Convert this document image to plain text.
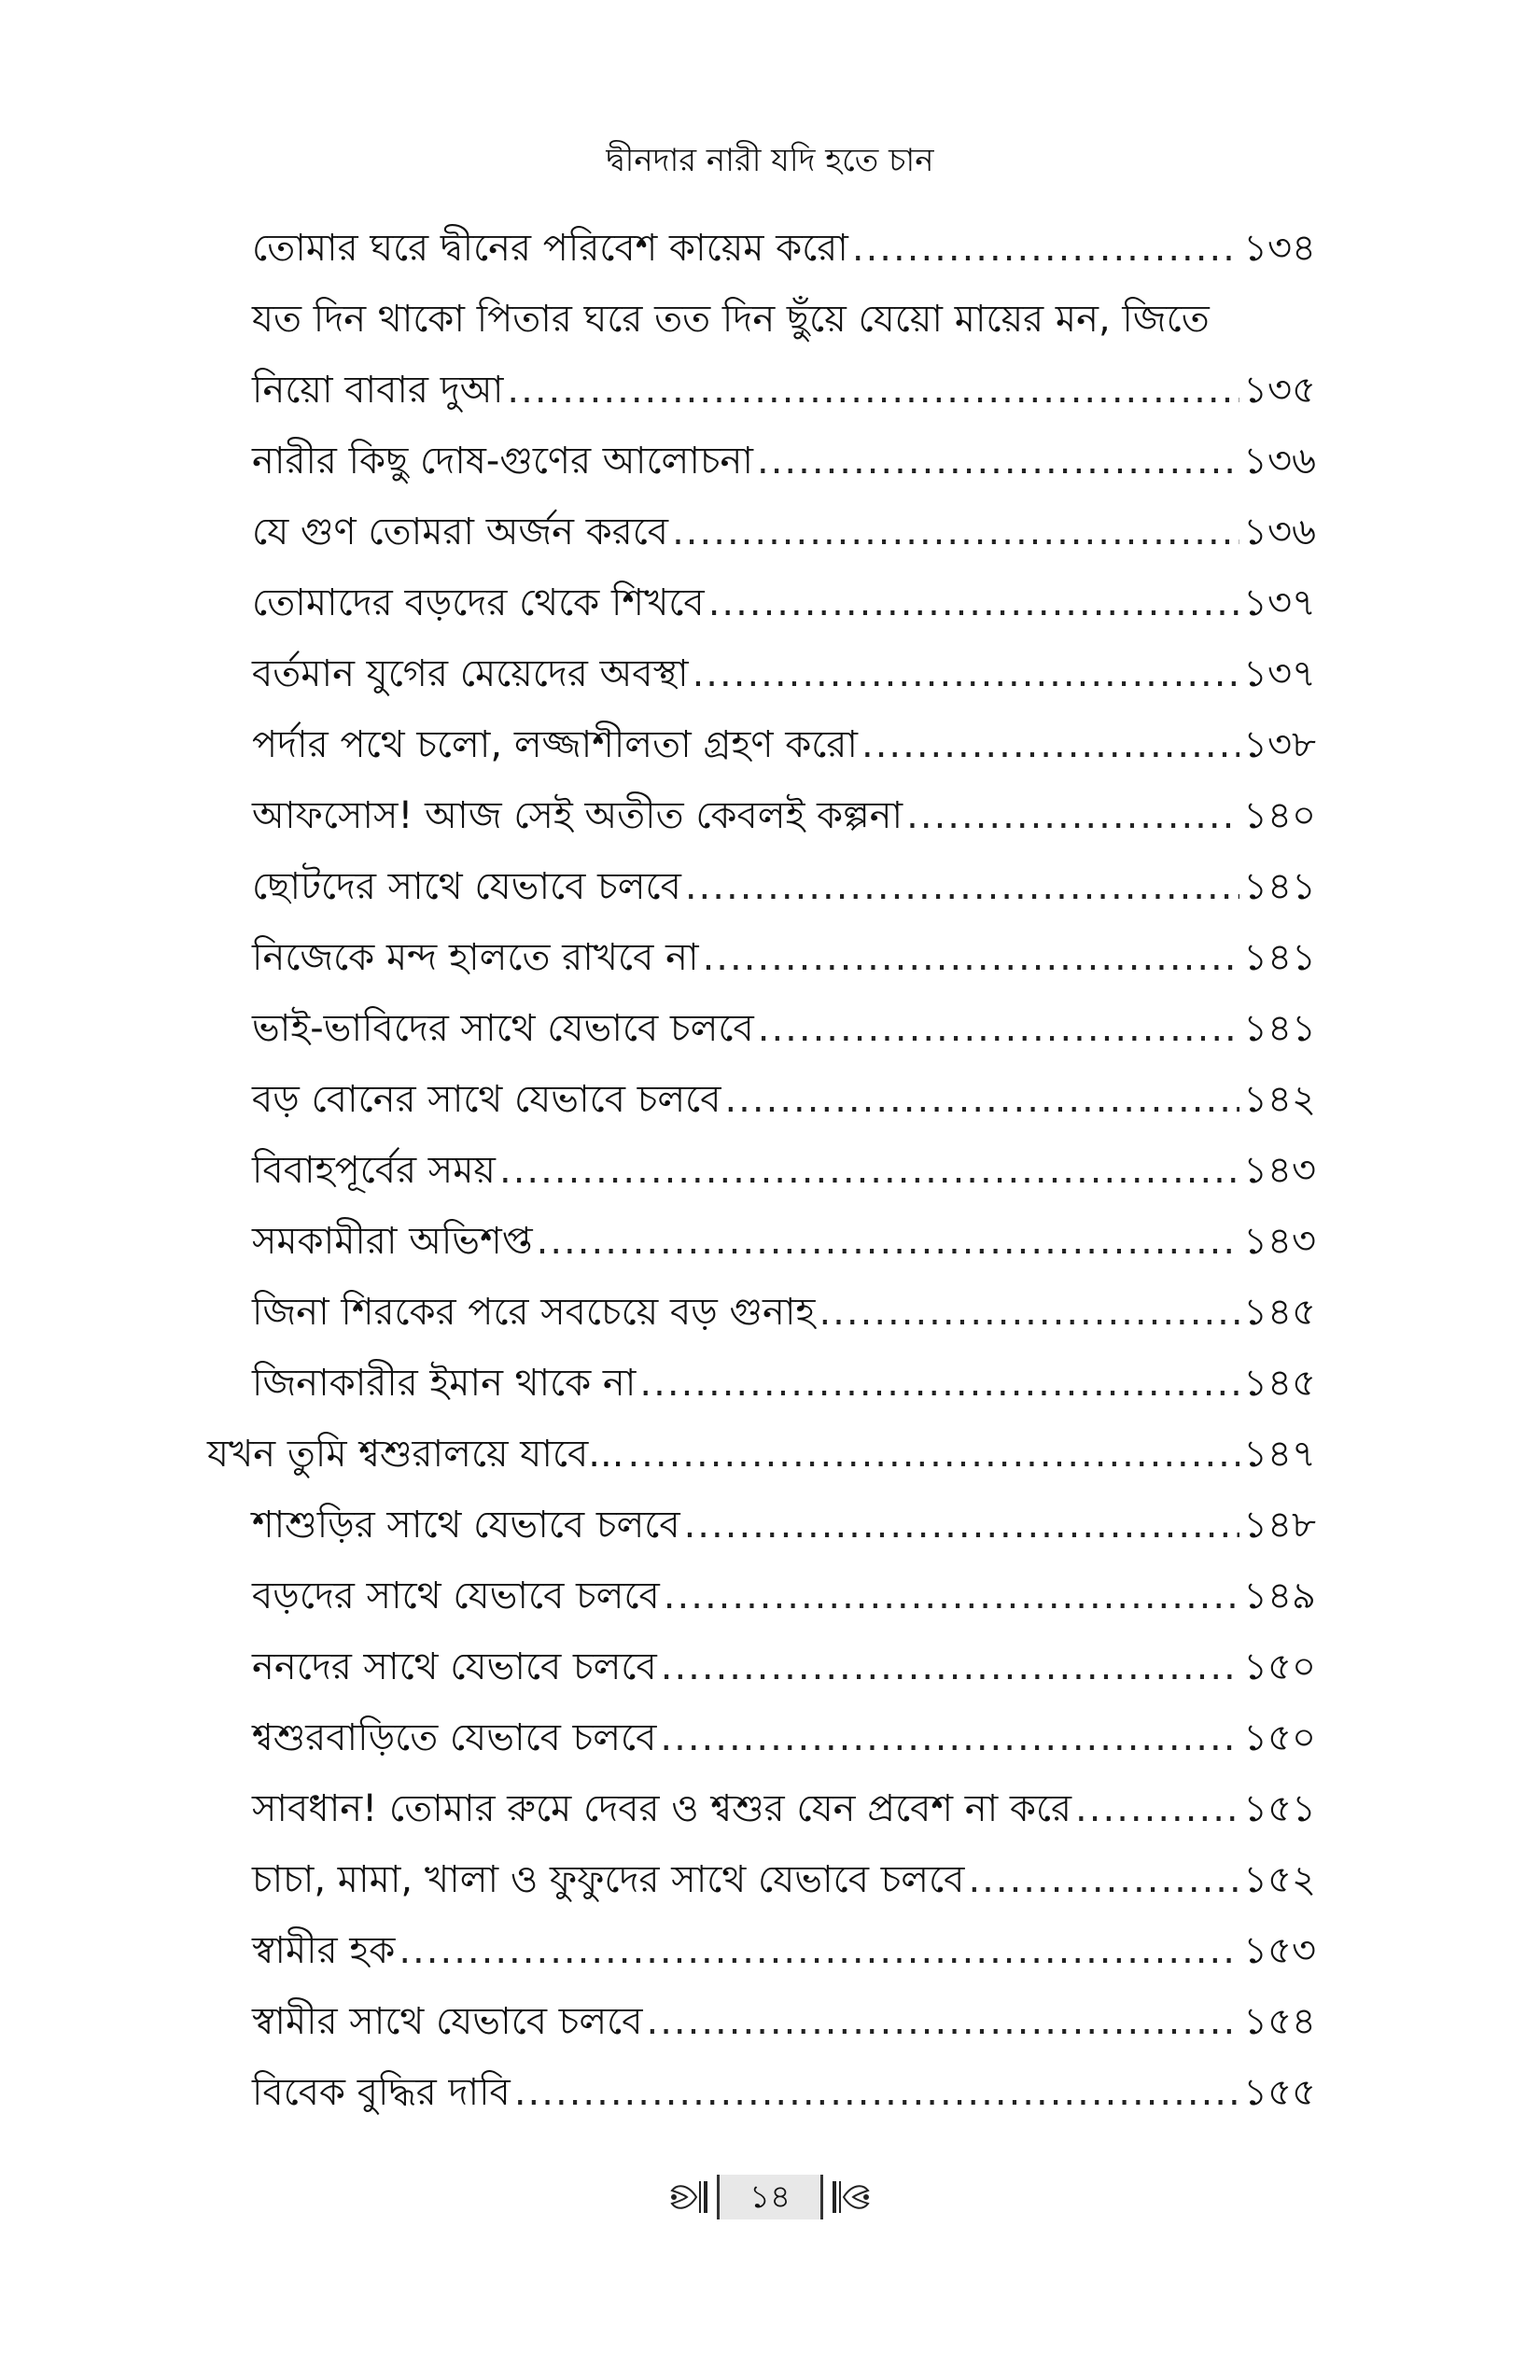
দ্বীনদার নারী যদি হতে চান
তোমার ঘরে দ্বীনের পরিবেশ কায়েম করো .....	১৩৪
যত দিন থাকো পিতার ঘরে তত দিন ছুঁয়ে যেয়ো মায়ের মন, জিতে
নিয়ো বাবার দুআ .....	১৩৫
নারীর কিছু দোষ-গুণের আলোচনা .....	১৩৬
যে গুণ তোমরা অর্জন করবে .....	১৩৬
তোমাদের বড়দের থেকে শিখবে .....	১৩৭
বর্তমান যুগের মেয়েদের অবস্থা .....	১৩৭
পর্দার পথে চলো, লজ্জাশীলতা গ্রহণ করো .....	১৩৮
আফসোস! আজ সেই অতীত কেবলই কল্পনা .....	১৪০
ছোটদের সাথে যেভাবে চলবে .....	১৪১
নিজেকে মন্দ হালতে রাখবে না .....	১৪১
ভাই-ভাবিদের সাথে যেভাবে চলবে .....	১৪১
বড় বোনের সাথে যেভাবে চলবে .....	১৪২
বিবাহপূর্বের সময় .....	১৪৩
সমকামীরা অভিশপ্ত .....	১৪৩
জিনা শিরকের পরে সবচেয়ে বড় গুনাহ .....	১৪৫
জিনাকারীর ইমান থাকে না .....	১৪৫
যখন তুমি শ্বশুরালয়ে যাবে... .....	১৪৭
শাশুড়ির সাথে যেভাবে চলবে .....	১৪৮
বড়দের সাথে যেভাবে চলবে .....	১৪৯
ননদের সাথে যেভাবে চলবে .....	১৫০
শ্বশুরবাড়িতে যেভাবে চলবে .....	১৫০
সাবধান! তোমার রুমে দেবর ও শ্বশুর যেন প্রবেশ না করে .....	১৫১
চাচা, মামা, খালা ও ফুফুদের সাথে যেভাবে চলবে .....	১৫২
স্বামীর হক .....	১৫৩
স্বামীর সাথে যেভাবে চলবে .....	১৫৪
বিবেক বুদ্ধির দাবি .....	১৫৫
১৪
